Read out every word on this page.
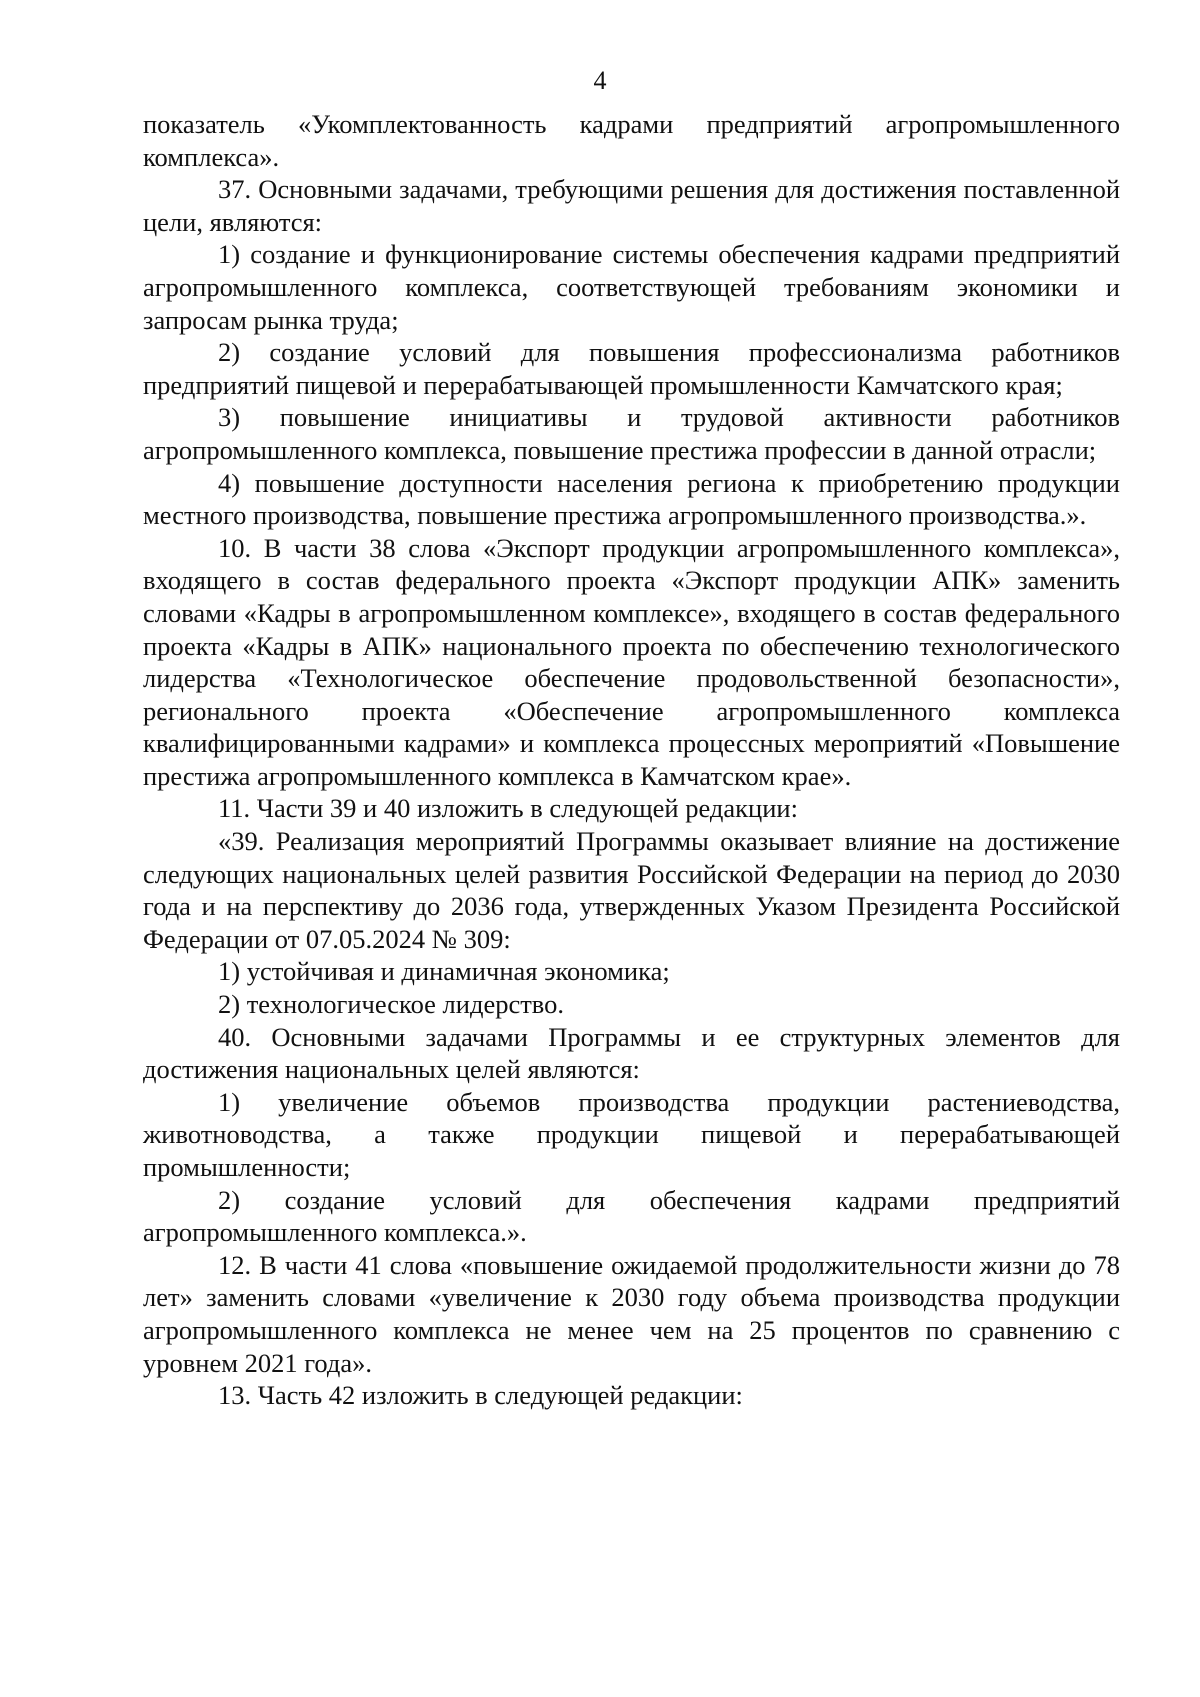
4

показатель «Укомплектованность кадрами предприятий агропромышленного комплекса».

37. Основными задачами, требующими решения для достижения поставленной цели, являются:

1) создание и функционирование системы обеспечения кадрами предприятий агропромышленного комплекса, соответствующей требованиям экономики и запросам рынка труда;

2) создание условий для повышения профессионализма работников предприятий пищевой и перерабатывающей промышленности Камчатского края;

3) повышение инициативы и трудовой активности работников агропромышленного комплекса, повышение престижа профессии в данной отрасли;

4) повышение доступности населения региона к приобретению продукции местного производства, повышение престижа агропромышленного производства.».

10. В части 38 слова «Экспорт продукции агропромышленного комплекса», входящего в состав федерального проекта «Экспорт продукции АПК» заменить словами «Кадры в агропромышленном комплексе», входящего в состав федерального проекта «Кадры в АПК» национального проекта по обеспечению технологического лидерства «Технологическое обеспечение продовольственной безопасности», регионального проекта «Обеспечение агропромышленного комплекса квалифицированными кадрами» и комплекса процессных мероприятий «Повышение престижа агропромышленного комплекса в Камчатском крае».

11. Части 39 и 40 изложить в следующей редакции:

«39. Реализация мероприятий Программы оказывает влияние на достижение следующих национальных целей развития Российской Федерации на период до 2030 года и на перспективу до 2036 года, утвержденных Указом Президента Российской Федерации от 07.05.2024 № 309:

1) устойчивая и динамичная экономика;

2) технологическое лидерство.

40. Основными задачами Программы и ее структурных элементов для достижения национальных целей являются:

1) увеличение объемов производства продукции растениеводства, животноводства, а также продукции пищевой и перерабатывающей промышленности;

2) создание условий для обеспечения кадрами предприятий агропромышленного комплекса.».

12. В части 41 слова «повышение ожидаемой продолжительности жизни до 78 лет» заменить словами «увеличение к 2030 году объема производства продукции агропромышленного комплекса не менее чем на 25 процентов по сравнению с уровнем 2021 года».

13. Часть 42 изложить в следующей редакции:
